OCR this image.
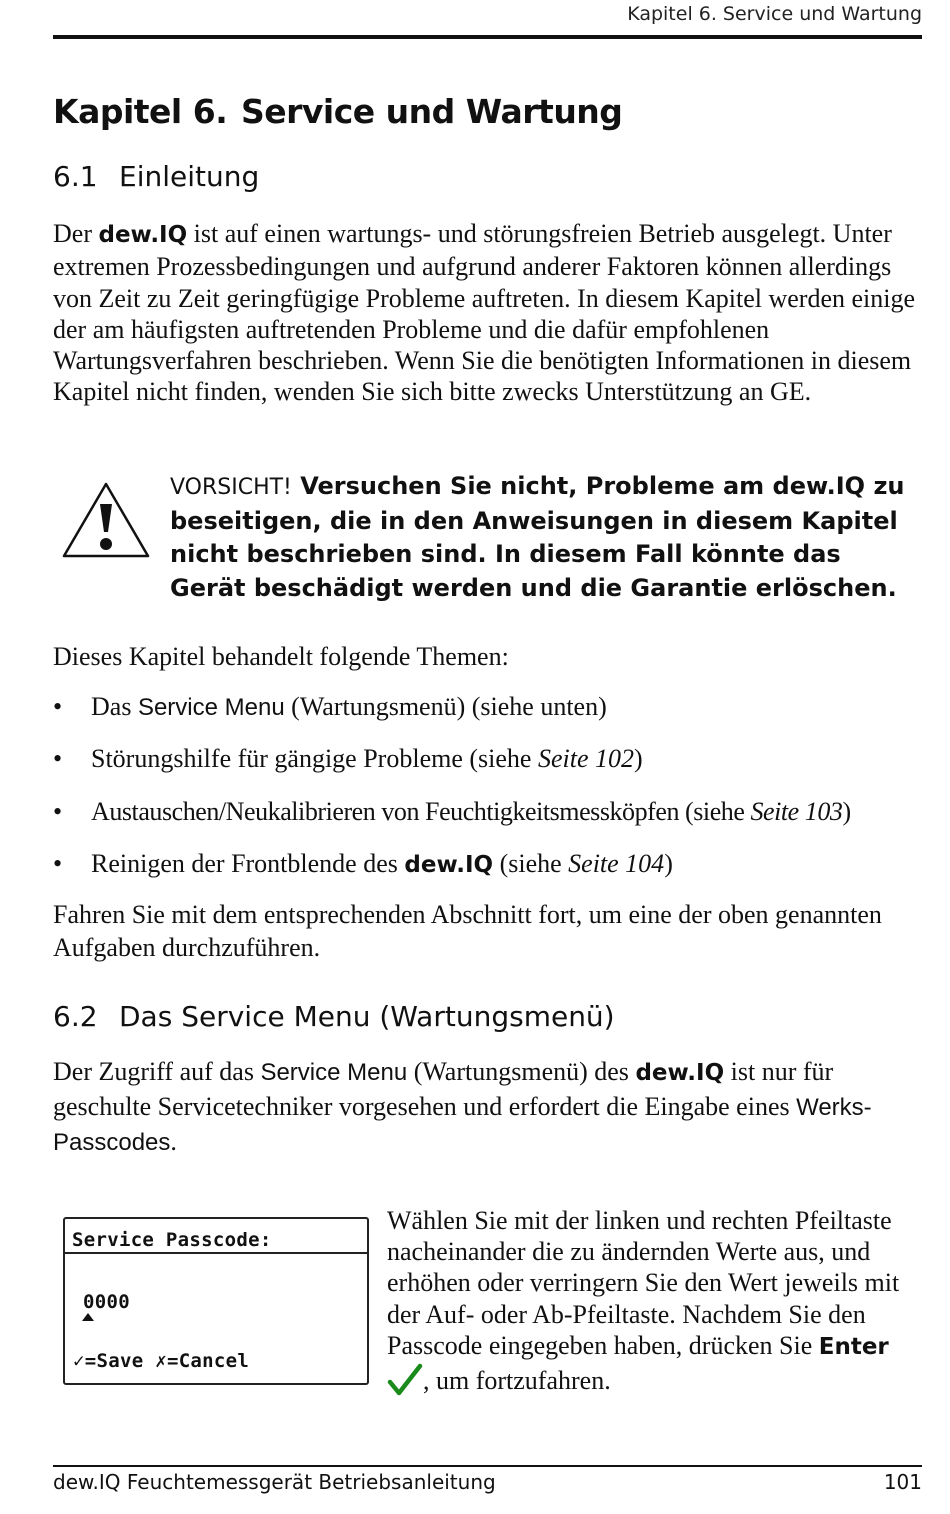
Kapitel 6. Service und Wartung
Kapitel 6. Service und Wartung
6.1 Einleitung

Der dew.IQ ist auf einen wartungs- und störungsfreien Betrieb ausgelegt. Unter extremen Prozessbedingungen und aufgrund anderer Faktoren können allerdings von Zeit zu Zeit geringfügige Probleme auftreten. In diesem Kapitel werden einige der am häufigsten auftretenden Probleme und die dafür empfohlenen Wartungsverfahren beschrieben. Wenn Sie die benötigten Informationen in diesem Kapitel nicht finden, wenden Sie sich bitte zwecks Unterstützung an GE.

VORSICHT! Versuchen Sie nicht, Probleme am dew.IQ zu beseitigen, die in den Anweisungen in diesem Kapitel nicht beschrieben sind. In diesem Fall könnte das Gerät beschädigt werden und die Garantie erlöschen.

Dieses Kapitel behandelt folgende Themen:

• Das Service Menu (Wartungsmenü) (siehe unten)
• Störungshilfe für gängige Probleme (siehe Seite 102)
• Austauschen/Neukalibrieren von Feuchtigkeitsmessköpfen (siehe Seite 103)
• Reinigen der Frontblende des dew.IQ (siehe Seite 104)

Fahren Sie mit dem entsprechenden Abschnitt fort, um eine der oben genannten Aufgaben durchzuführen.

6.2 Das Service Menu (Wartungsmenü)

Der Zugriff auf das Service Menu (Wartungsmenü) des dew.IQ ist nur für geschulte Servicetechniker vorgesehen und erfordert die Eingabe eines Werks-Passcodes.

Service Passcode:
0000
✓=Save ✗=Cancel

Wählen Sie mit der linken und rechten Pfeiltaste nacheinander die zu ändernden Werte aus, und erhöhen oder verringern Sie den Wert jeweils mit der Auf- oder Ab-Pfeiltaste. Nachdem Sie den Passcode eingegeben haben, drücken Sie Enter , um fortzufahren.

dew.IQ Feuchtemessgerät Betriebsanleitung	101
